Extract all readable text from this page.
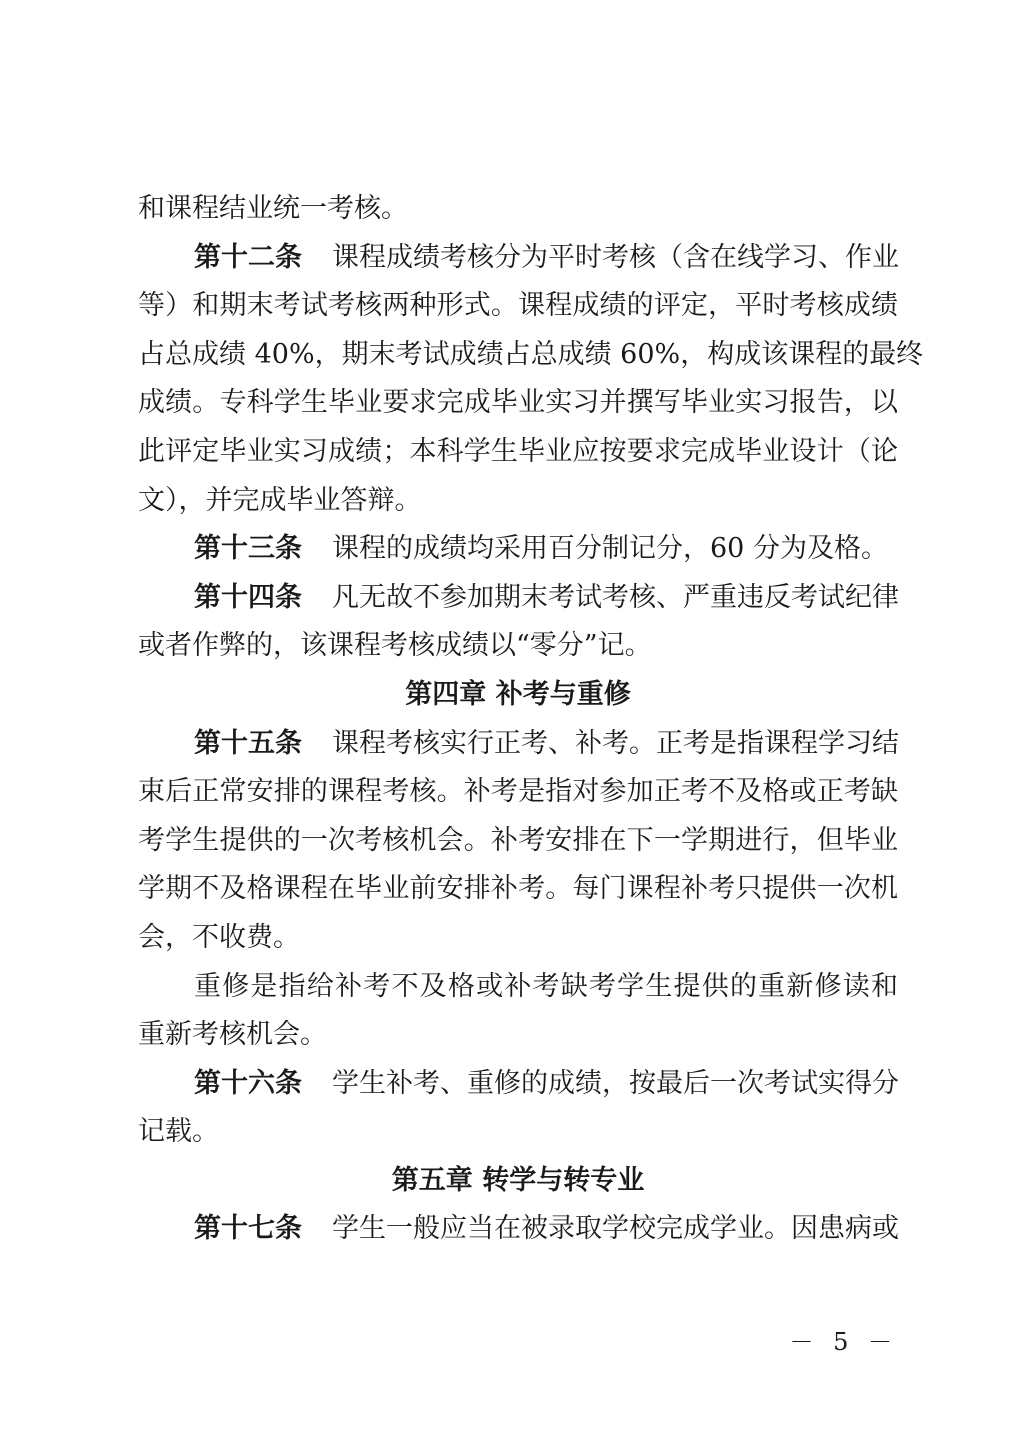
和课程结业统一考核。
第十二条 课程成绩考核分为平时考核（含在线学习、作业
等）和期末考试考核两种形式。课程成绩的评定，平时考核成绩
占总成绩 40%，期末考试成绩占总成绩 60%，构成该课程的最终
成绩。专科学生毕业要求完成毕业实习并撰写毕业实习报告，以
此评定毕业实习成绩；本科学生毕业应按要求完成毕业设计（论
文），并完成毕业答辩。
第十三条 课程的成绩均采用百分制记分，60 分为及格。
第十四条 凡无故不参加期末考试考核、严重违反考试纪律
或者作弊的，该课程考核成绩以“零分”记。
第四章 补考与重修
第十五条 课程考核实行正考、补考。正考是指课程学习结
束后正常安排的课程考核。补考是指对参加正考不及格或正考缺
考学生提供的一次考核机会。补考安排在下一学期进行，但毕业
学期不及格课程在毕业前安排补考。每门课程补考只提供一次机
会，不收费。
重修是指给补考不及格或补考缺考学生提供的重新修读和
重新考核机会。
第十六条 学生补考、重修的成绩，按最后一次考试实得分
记载。
第五章 转学与转专业
第十七条 学生一般应当在被录取学校完成学业。因患病或
－ 5 －
